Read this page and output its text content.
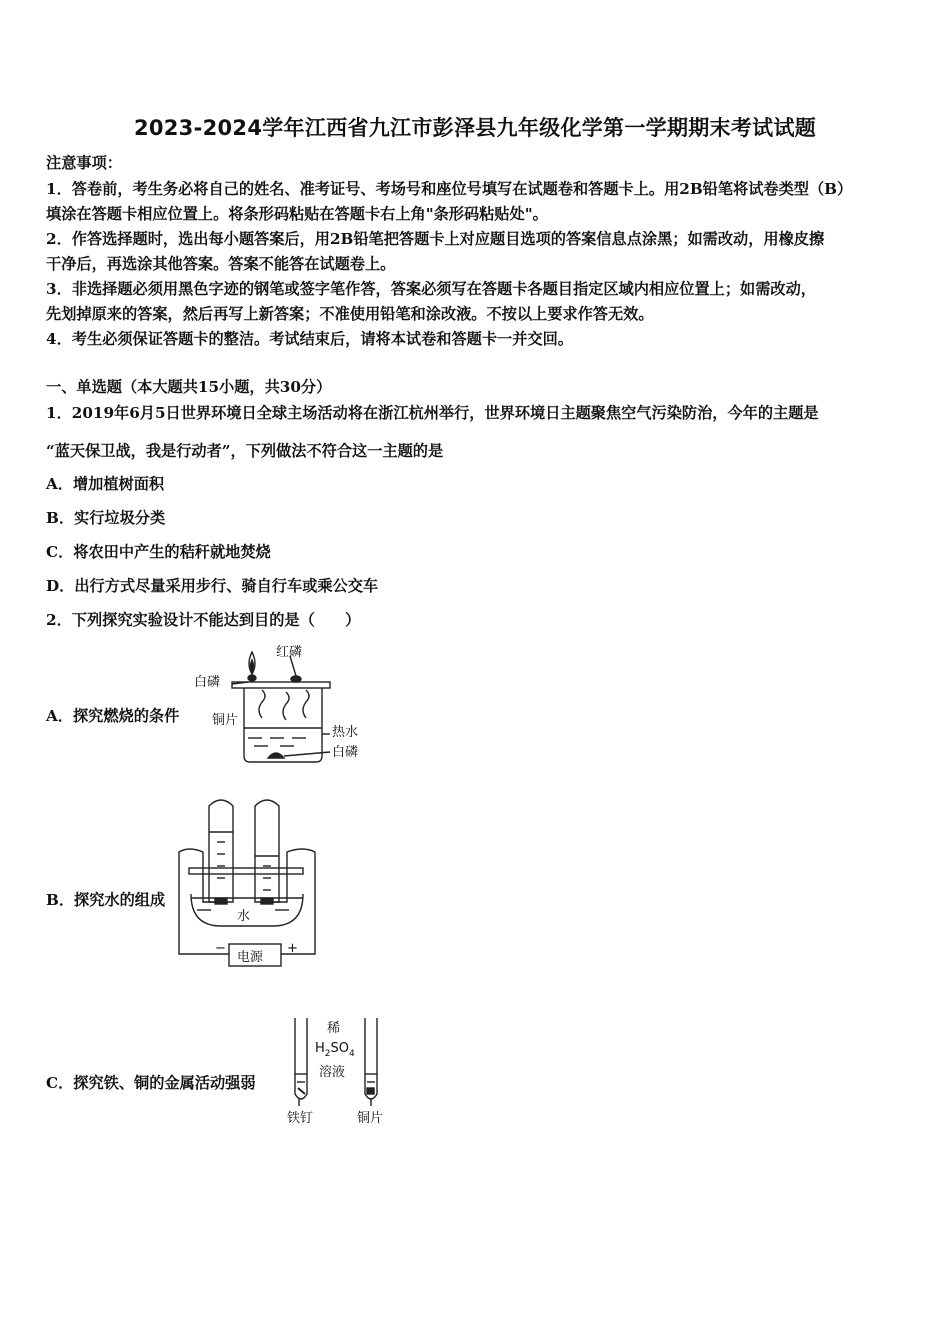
2023-2024学年江西省九江市彭泽县九年级化学第一学期期末考试试题
注意事项：
1．答卷前，考生务必将自己的姓名、准考证号、考场号和座位号填写在试题卷和答题卡上。用2B铅笔将试卷类型（B）
填涂在答题卡相应位置上。将条形码粘贴在答题卡右上角"条形码粘贴处"。
2．作答选择题时，选出每小题答案后，用2B铅笔把答题卡上对应题目选项的答案信息点涂黑；如需改动，用橡皮擦
干净后，再选涂其他答案。答案不能答在试题卷上。
3．非选择题必须用黑色字迹的钢笔或签字笔作答，答案必须写在答题卡各题目指定区域内相应位置上；如需改动，
先划掉原来的答案，然后再写上新答案；不准使用铅笔和涂改液。不按以上要求作答无效。
4．考生必须保证答题卡的整洁。考试结束后，请将本试卷和答题卡一并交回。
一、单选题（本大题共15小题，共30分）
1．2019年6月5日世界环境日全球主场活动将在浙江杭州举行，世界环境日主题聚焦空气污染防治，今年的主题是
“蓝天保卫战，我是行动者”，下列做法不符合这一主题的是
A．增加植树面积
B．实行垃圾分类
C．将农田中产生的秸秆就地焚烧
D．出行方式尽量采用步行、骑自行车或乘公交车
2．下列探究实验设计不能达到目的是（　　）
A．探究燃烧的条件
B．探究水的组成
C．探究铁、铜的金属活动强弱
红磷
白磷
铜片
热水
白磷
水
−	+
电源
稀
$H_2SO_4$
溶液
铁钉	铜片
